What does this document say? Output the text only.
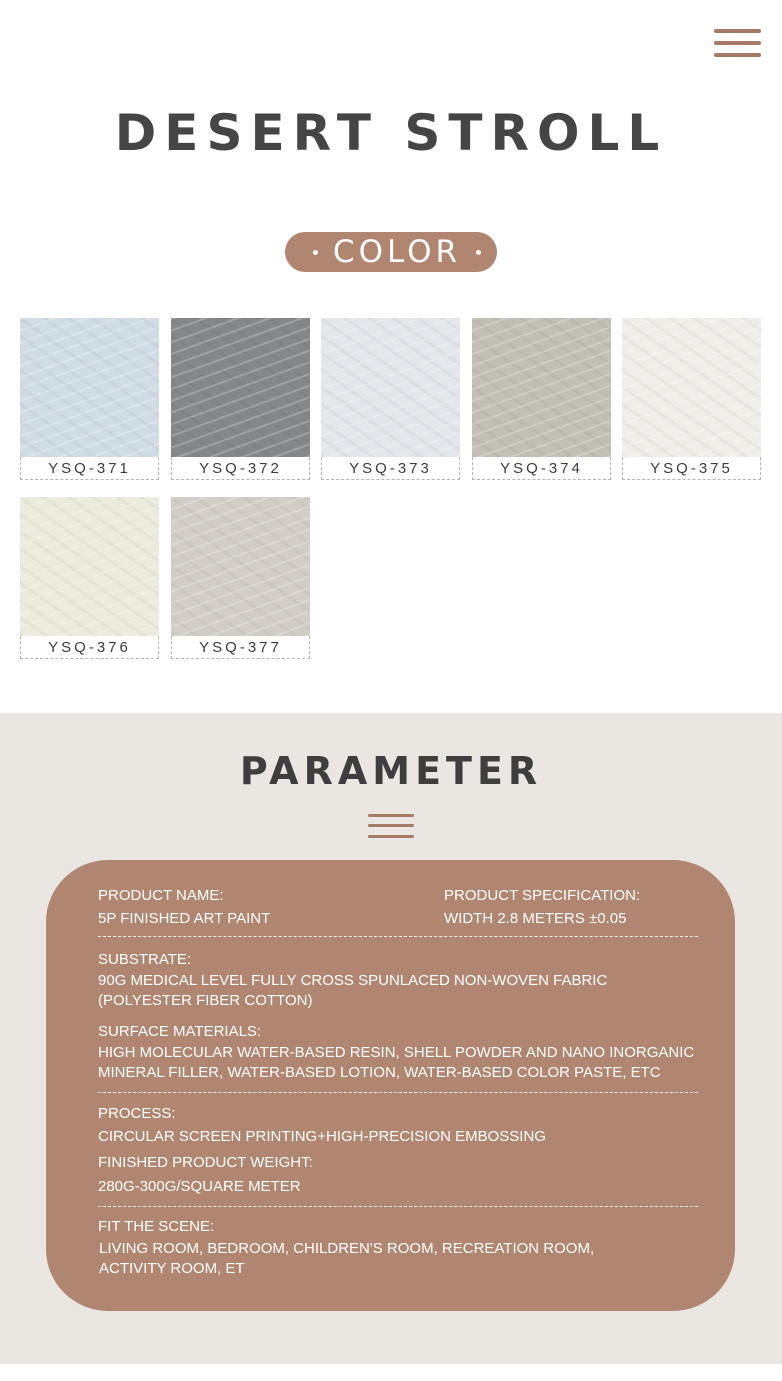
DESERT STROLL
COLOR
YSQ-371	YSQ-372	YSQ-373	YSQ-374	YSQ-375
YSQ-376	YSQ-377
PARAMETER
PRODUCT NAME:
5P FINISHED ART PAINT
PRODUCT SPECIFICATION:
WIDTH 2.8 METERS ±0.05
SUBSTRATE:
90G MEDICAL LEVEL FULLY CROSS SPUNLACED NON-WOVEN FABRIC
(POLYESTER FIBER COTTON)
SURFACE MATERIALS:
HIGH MOLECULAR WATER-BASED RESIN, SHELL POWDER AND NANO INORGANIC
MINERAL FILLER, WATER-BASED LOTION, WATER-BASED COLOR PASTE, ETC
PROCESS:
CIRCULAR SCREEN PRINTING+HIGH-PRECISION EMBOSSING
FINISHED PRODUCT WEIGHT:
280G-300G/SQUARE METER
FIT THE SCENE:
LIVING ROOM, BEDROOM, CHILDREN'S ROOM, RECREATION ROOM,
ACTIVITY ROOM, ET
